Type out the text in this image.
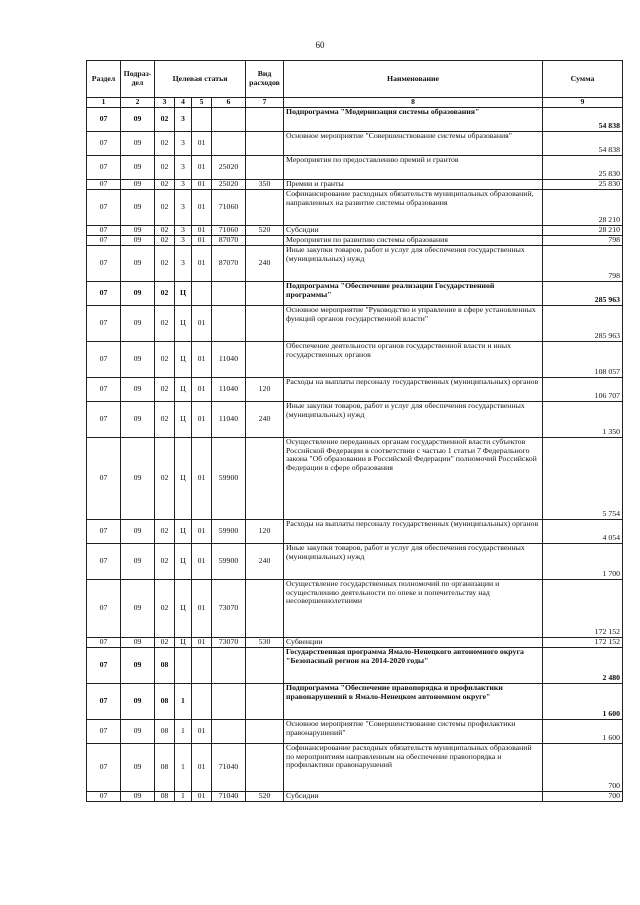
60
Раздел	Подраз-дел	Целевая статья				Вид расходов	Наименование	Сумма
1	2	3	4	5	6	7	8	9
07	09	02	3				Подпрограмма "Модернизация системы образования"	54 838
07	09	02	3	01			Основное мероприятие "Совершенствование системы образования"	54 838
07	09	02	3	01	25020		Мероприятия по предоставлению премий и грантов	25 830
07	09	02	3	01	25020	350	Премии и гранты	25 830
07	09	02	3	01	71060		Софинансирование расходных обязательств муниципальных образований, направленных на развитие системы образования	28 210
07	09	02	3	01	71060	520	Субсидии	28 210
07	09	02	3	01	87070		Мероприятия по развитию системы образования	798
07	09	02	3	01	87070	240	Иные закупки товаров, работ и услуг для обеспечения государственных (муниципальных) нужд	798
07	09	02	Ц				Подпрограмма "Обеспечение реализации Государственной программы"	285 963
07	09	02	Ц	01			Основное мероприятие "Руководство и управление в сфере установленных функций органов государственной власти"	285 963
07	09	02	Ц	01	11040		Обеспечение деятельности органов государственной власти и иных государственных органов	108 057
07	09	02	Ц	01	11040	120	Расходы на выплаты персоналу государственных (муниципальных) органов	106 707
07	09	02	Ц	01	11040	240	Иные закупки товаров, работ и услуг для обеспечения государственных (муниципальных) нужд	1 350
07	09	02	Ц	01	59900		Осуществление переданных органам государственной власти субъектов Российской Федерации в соответствии с частью 1 статьи 7 Федерального закона "Об образовании в Российской Федерации" полномочий Российской Федерации в сфере образования	5 754
07	09	02	Ц	01	59900	120	Расходы на выплаты персоналу государственных (муниципальных) органов	4 054
07	09	02	Ц	01	59900	240	Иные закупки товаров, работ и услуг для обеспечения государственных (муниципальных) нужд	1 700
07	09	02	Ц	01	73070		Осуществление государственных полномочий по организации и осуществлению деятельности по опеке и попечительству над несовершеннолетними	172 152
07	09	02	Ц	01	73070	530	Субвенции	172 152
07	09	08					Государственная программа Ямало-Ненецкого автономного округа "Безопасный регион на 2014-2020 годы"	2 480
07	09	08	1				Подпрограмма "Обеспечение правопорядка и профилактики правонарушений в Ямало-Ненецком автономном округе"	1 600
07	09	08	1	01			Основное мероприятие "Совершенствование системы профилактики правонарушений"	1 600
07	09	08	1	01	71040		Софинансирование расходных обязательств муниципальных образований по мероприятиям направленным на обеспечение правопорядка и профилактики правонарушений	700
07	09	08	1	01	71040	520	Субсидии	700
